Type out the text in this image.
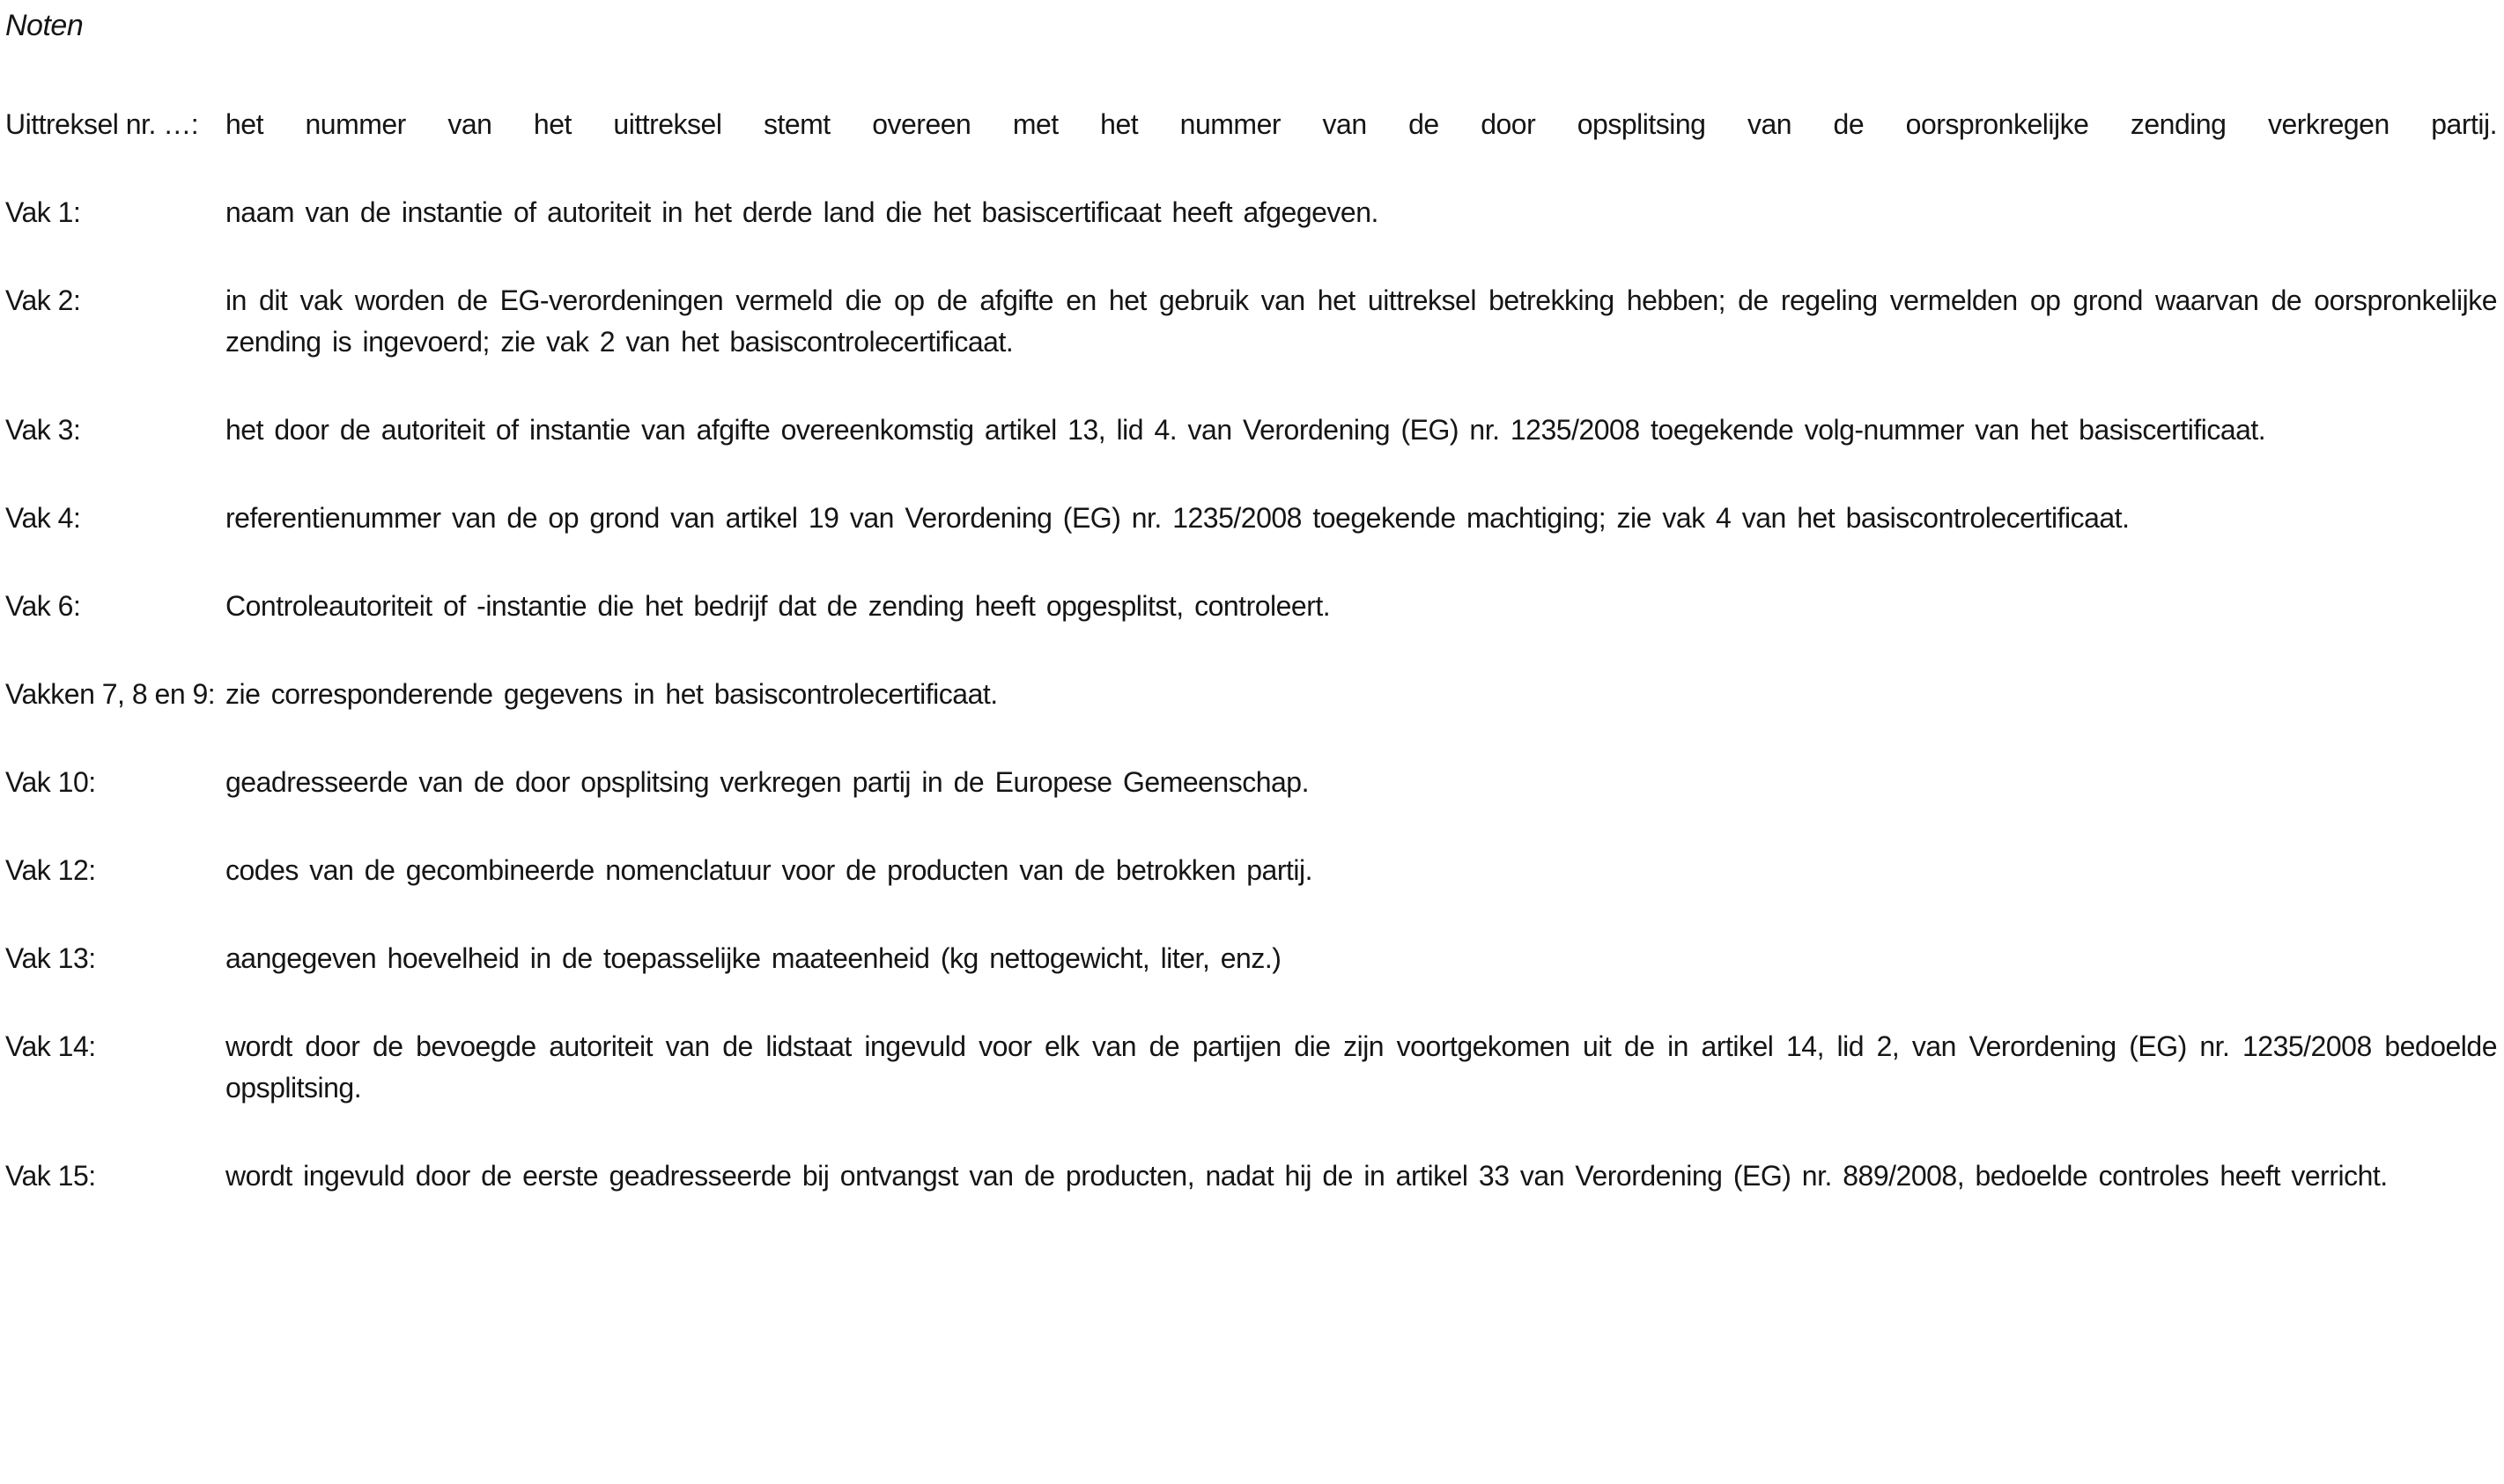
Noten
Uittreksel nr. …: het nummer van het uittreksel stemt overeen met het nummer van de door opsplitsing van de oorspronkelijke zending verkregen partij.
Vak 1:	naam van de instantie of autoriteit in het derde land die het basiscertificaat heeft afgegeven.
Vak 2:	in dit vak worden de EG-verordeningen vermeld die op de afgifte en het gebruik van het uittreksel betrekking hebben; de regeling vermelden op grond waarvan de oorspronkelijke zending is ingevoerd; zie vak 2 van het basiscontrolecertificaat.
Vak 3:	het door de autoriteit of instantie van afgifte overeenkomstig artikel 13, lid 4. van Verordening (EG) nr. 1235/2008 toegekende volg-nummer van het basiscertificaat.
Vak 4:	referentienummer van de op grond van artikel 19 van Verordening (EG) nr. 1235/2008 toegekende machtiging; zie vak 4 van het basiscontrolecertificaat.
Vak 6:	Controleautoriteit of -instantie die het bedrijf dat de zending heeft opgesplitst, controleert.
Vakken 7, 8 en 9: zie corresponderende gegevens in het basiscontrolecertificaat.
Vak 10:	geadresseerde van de door opsplitsing verkregen partij in de Europese Gemeenschap.
Vak 12:	codes van de gecombineerde nomenclatuur voor de producten van de betrokken partij.
Vak 13:	aangegeven hoevelheid in de toepasselijke maateenheid (kg nettogewicht, liter, enz.)
Vak 14:	wordt door de bevoegde autoriteit van de lidstaat ingevuld voor elk van de partijen die zijn voortgekomen uit de in artikel 14, lid 2, van Verordening (EG) nr. 1235/2008 bedoelde opsplitsing.
Vak 15:	wordt ingevuld door de eerste geadresseerde bij ontvangst van de producten, nadat hij de in artikel 33 van Verordening (EG) nr. 889/2008, bedoelde controles heeft verricht.
